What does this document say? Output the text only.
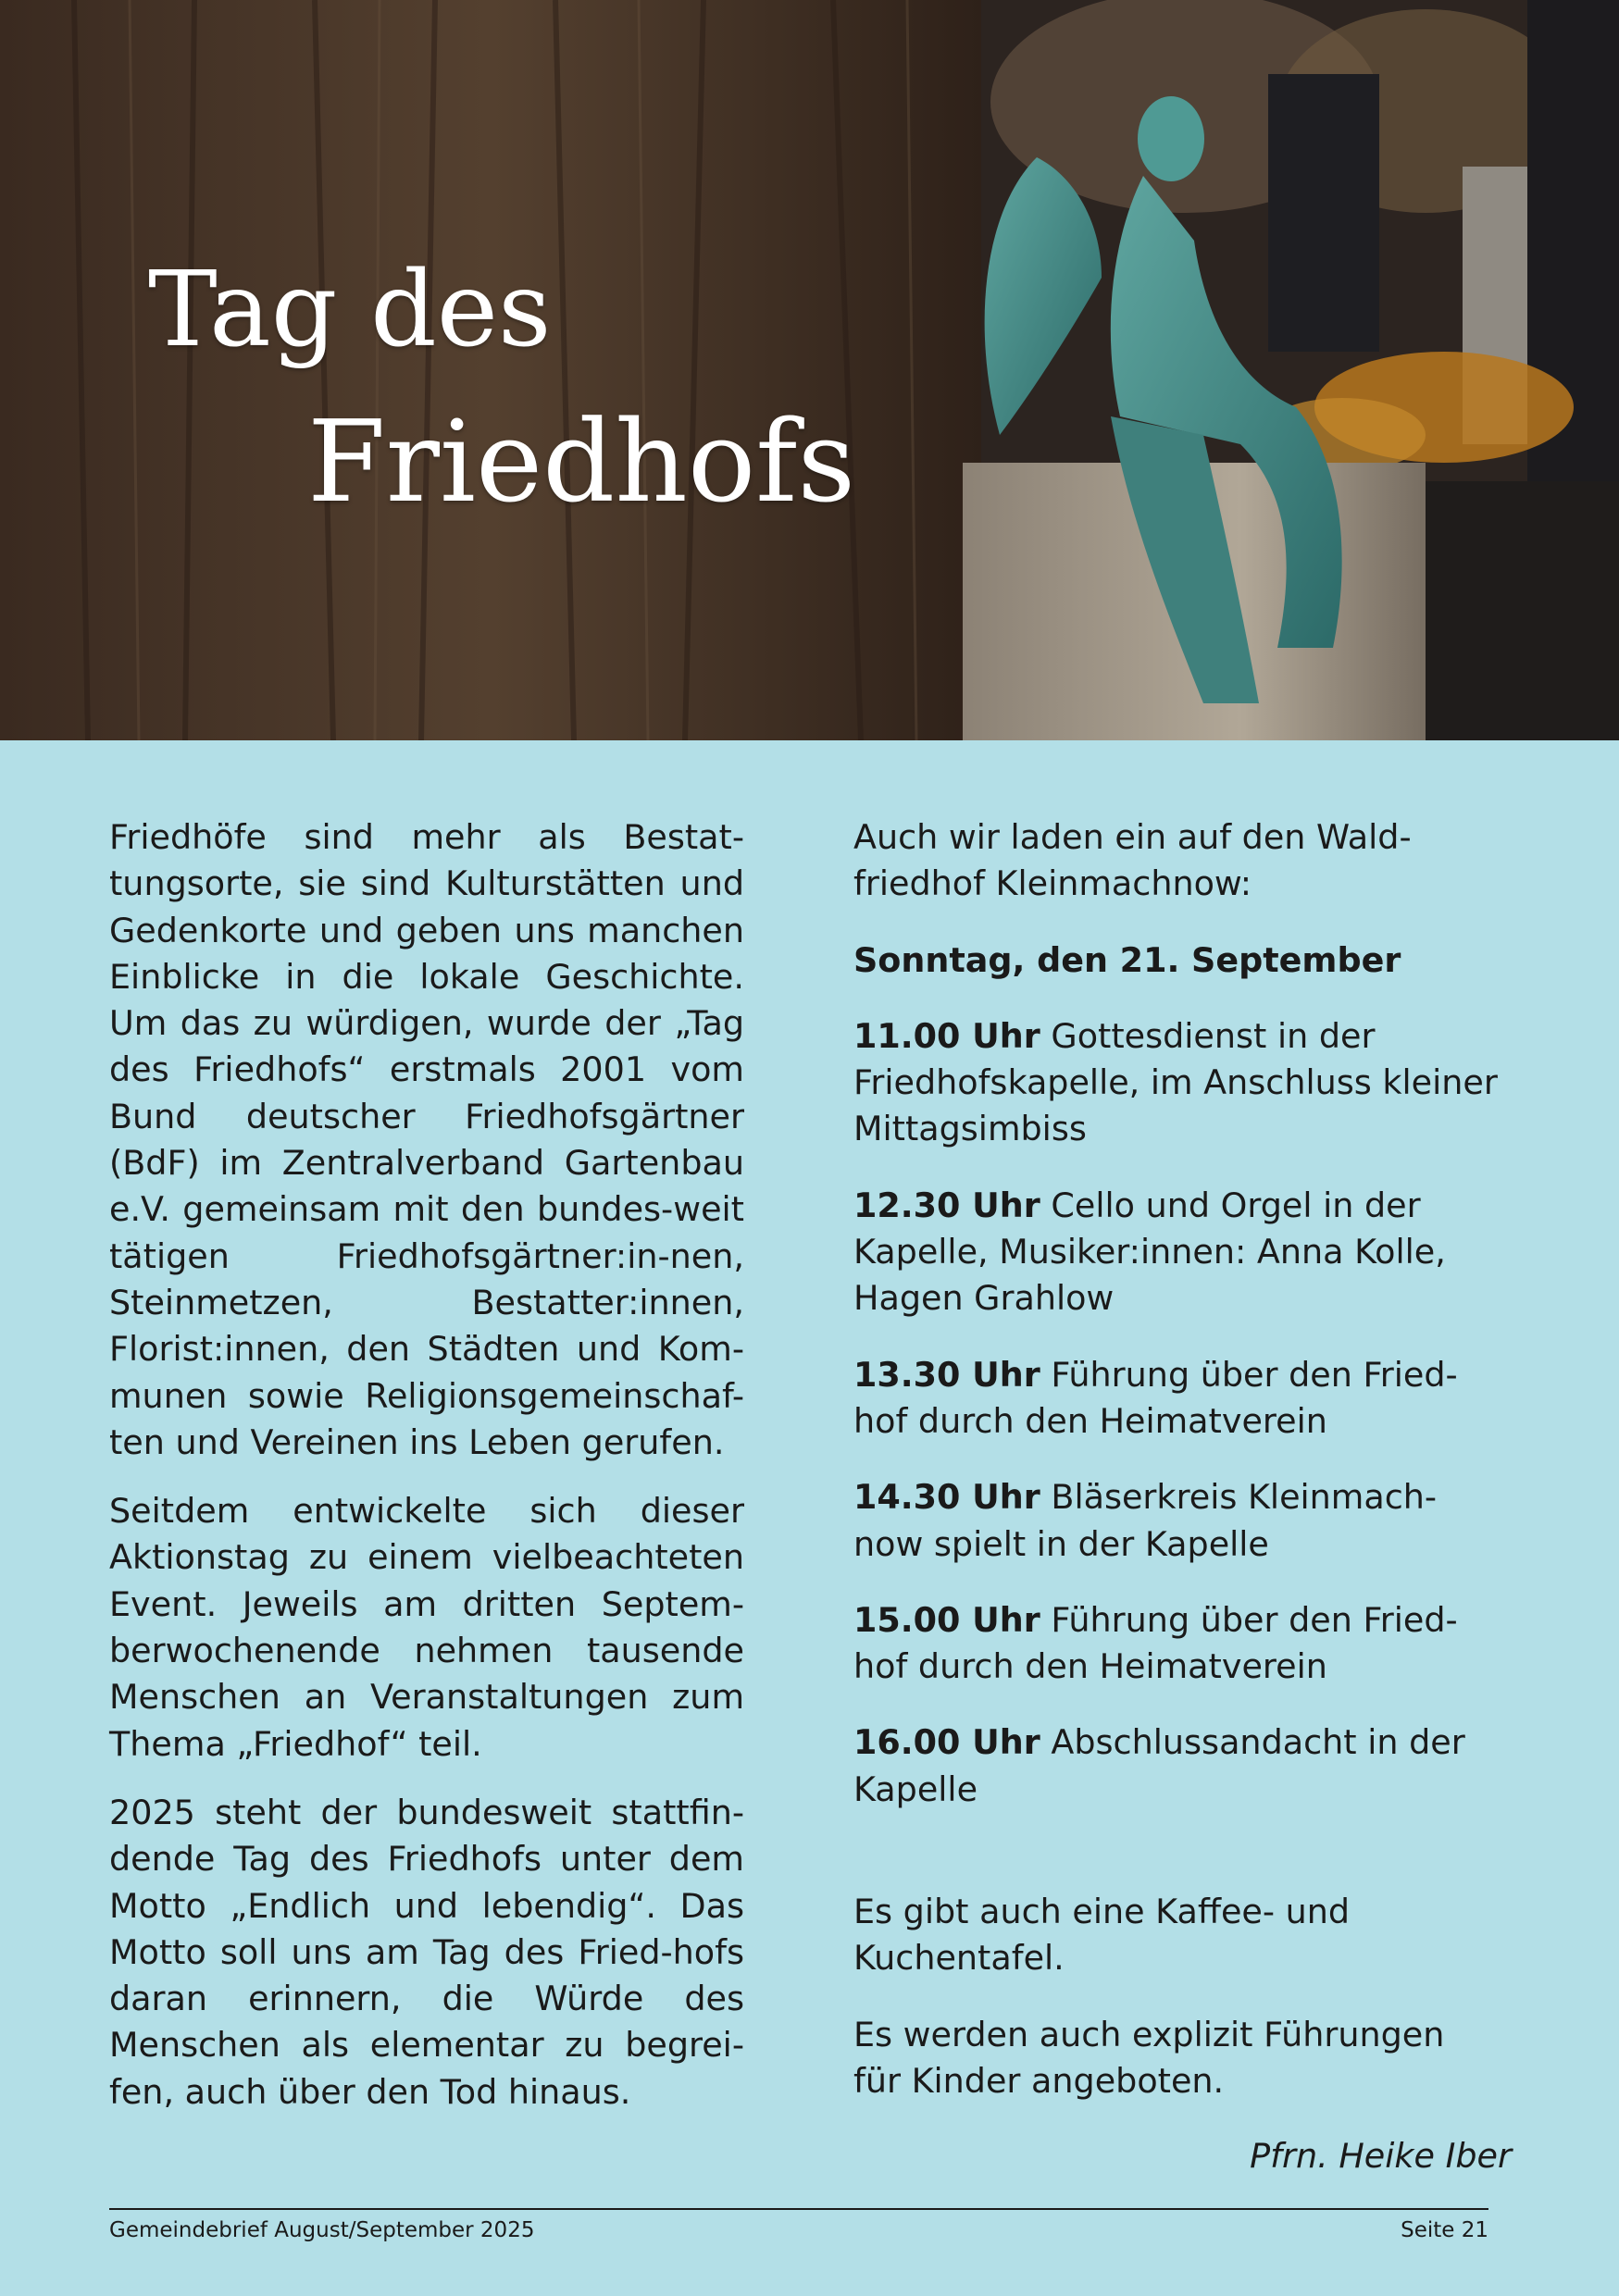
Tag des
Friedhofs

Friedhöfe sind mehr als Bestat-tungsorte, sie sind Kulturstätten und Gedenkorte und geben uns manchen Einblicke in die lokale Geschichte. Um das zu würdigen, wurde der „Tag des Friedhofs“ erstmals 2001 vom Bund deutscher Friedhofsgärtner (BdF) im Zentralverband Gartenbau e.V. gemeinsam mit den bundes-weit tätigen Friedhofsgärtner:in-nen, Steinmetzen, Bestatter:innen, Florist:innen, den Städten und Kom-munen sowie Religionsgemeinschaf-ten und Vereinen ins Leben gerufen.

Seitdem entwickelte sich dieser Aktionstag zu einem vielbeachteten Event. Jeweils am dritten Septem-berwochenende nehmen tausende Menschen an Veranstaltungen zum Thema „Friedhof“ teil.

2025 steht der bundesweit stattfin-dende Tag des Friedhofs unter dem Motto „Endlich und lebendig“. Das Motto soll uns am Tag des Fried-hofs daran erinnern, die Würde des Menschen als elementar zu begrei-fen, auch über den Tod hinaus.

Auch wir laden ein auf den Wald-friedhof Kleinmachnow:

Sonntag, den 21. September

11.00 Uhr Gottesdienst in der Friedhofskapelle, im Anschluss kleiner Mittagsimbiss

12.30 Uhr Cello und Orgel in der Kapelle, Musiker:innen: Anna Kolle, Hagen Grahlow

13.30 Uhr Führung über den Fried-hof durch den Heimatverein

14.30 Uhr Bläserkreis Kleinmach-now spielt in der Kapelle

15.00 Uhr Führung über den Fried-hof durch den Heimatverein

16.00 Uhr Abschlussandacht in der Kapelle

Es gibt auch eine Kaffee- und Kuchentafel.

Es werden auch explizit Führungen für Kinder angeboten.

Pfrn. Heike Iber
Gemeindebrief August/September 2025	Seite 21
